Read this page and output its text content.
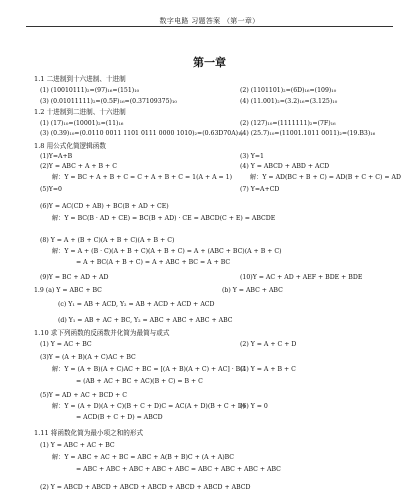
数字电路 习题答案 （第一章）
第一章
1.1 二进制到十六进制、十进制
(1) (10010111)₂=(97)₁₆=(151)₁₀	(2) (1101101)₂=(6D)₁₆=(109)₁₀
(3) (0.01011111)₂=(0.5F)₁₆=(0.37109375)₁₀	(4) (11.001)₂=(3.2)₁₆=(3.125)₁₀
1.2 十进制到二进制、十六进制
(1) (17)₁₀=(10001)₂=(11)₁₆	(2) (127)₁₀=(1111111)₂=(7F)₁₆
(3) (0.39)₁₀=(0.0110 0011 1101 0111 0000 1010)₂=(0.63D70A)₁₆
(4) (25.7)₁₀=(11001.1011 0011)₂=(19.B3)₁₆
1.8 用公式化简逻辑函数
(1)Y=A+B	(3) Y=1
(2)Y = ABC + A + B + C	(4) Y = ABCD + ABD + ACD
解：Y = BC + A + B + C = C + A + B + C = 1(A + A = 1)	解：Y = AD(BC + B + C) = AD(B + C + C) = AD
(5)Y=0	(7) Y=A+CD
(6)Y = AC(CD + AB) + BC(B + AD + CE)
解：Y = BC(B · AD + CE) = BC(B + AD) · CE = ABCD(C + E) = ABCDE
(8) Y = A + (B + C)(A + B + C)(A + B + C)
解：Y = A + (B · C)(A + B + C)(A + B + C) = A + (ABC + BC)(A + B + C)
= A + BC(A + B + C) = A + ABC + BC = A + BC
(9)Y = BC + AD + AD	(10)Y = AC + AD + AEF + BDE + BDE
1.9 (a) Y = ABC + BC	(b) Y = ABC + ABC
(c) Y₁ = AB + ACD, Y₂ = AB + ACD + ACD + ACD
(d) Y₁ = AB + AC + BC, Y₂ = ABC + ABC + ABC + ABC
1.10 求下列函数的反函数并化简为最简与或式
(1) Y = AC + BC	(2) Y = A + C + D
(3)Y = (A + B)(A + C)AC + BC
解：Y = (A + B)(A + C)AC + BC = [(A + B)(A + C) + AC] · BC
= (AB + AC + BC + AC)(B + C) = B + C
(4) Y = A + B + C
(5)Y = AD + AC + BCD + C
解：Y = (A + D)(A + C)(B + C + D)C = AC(A + D)(B + C + D)
= ACD(B + C + D) = ABCD
(6) Y = 0
1.11 将函数化简为最小项之和的形式
(1) Y = ABC + AC + BC
解：Y = ABC + AC + BC = ABC + A(B + B)C + (A + A)BC
= ABC + ABC + ABC + ABC + ABC = ABC + ABC + ABC + ABC
(2) Y = ABCD + ABCD + ABCD + ABCD + ABCD + ABCD + ABCD
